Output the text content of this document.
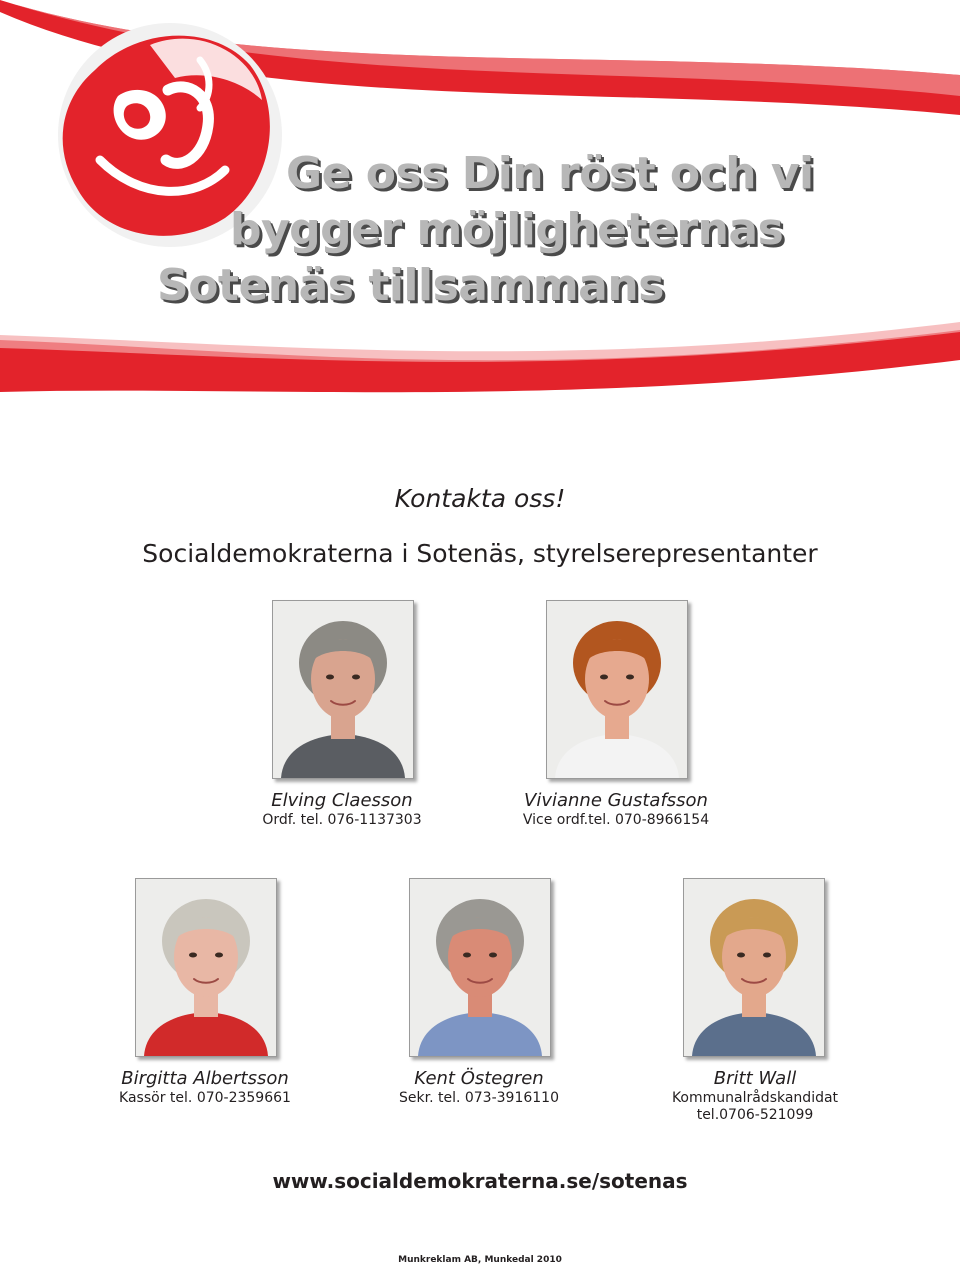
Ge oss Din röst och vi
bygger möjligheternas
Sotenäs tillsammans
Kontakta oss!
Socialdemokraterna i Sotenäs, styrelserepresentanter
Elving Claesson
Ordf. tel. 076-1137303
Vivianne Gustafsson
Vice ordf.tel. 070-8966154
Birgitta Albertsson
Kassör tel. 070-2359661
Kent Östegren
Sekr. tel. 073-3916110
Britt Wall
Kommunalrådskandidat
tel.0706-521099
www.socialdemokraterna.se/sotenas
Munkreklam AB, Munkedal 2010
